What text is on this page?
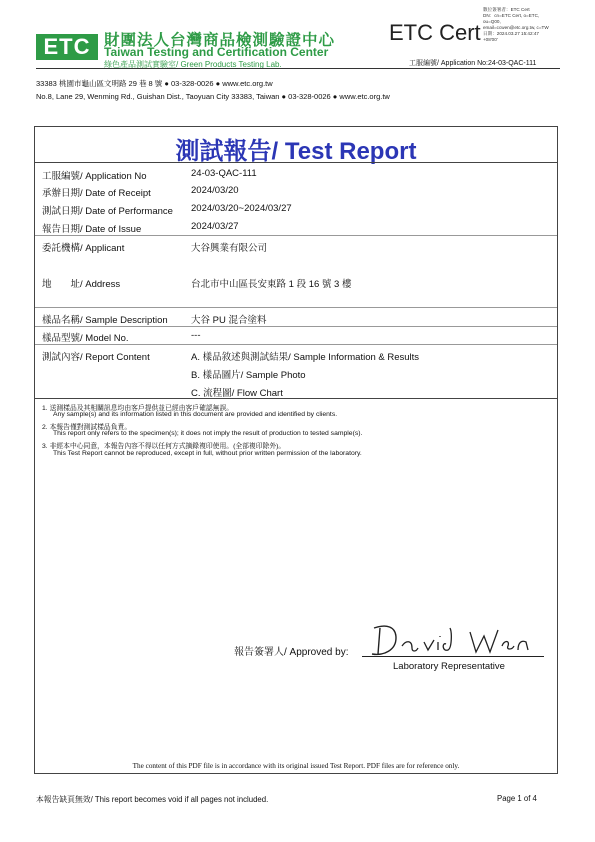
ETC 財團法人台灣商品檢測驗證中心
Taiwan Testing and Certification Center
綠色產品測試實驗室/ Green Products Testing Lab.
ETC Cert
數位簽署者：ETC Cert
DN：cn=ETC Cert, o=ETC,
ou=Q00,
email=ccwen@etc.org.tw, c=TW
日期：2024.03.27 15:42:47
+08'00'
工服編號/ Application No:24-03-QAC-111
33383 桃園市龜山區文明路 29 巷 8 號 ● 03-328-0026 ● www.etc.org.tw
No.8, Lane 29, Wenming Rd., Guishan Dist., Taoyuan City 33383, Taiwan ● 03-328-0026 ● www.etc.org.tw
測試報告/ Test Report
工服編號/ Application No	24-03-QAC-111
承辦日期/ Date of Receipt	2024/03/20
測試日期/ Date of Performance 2024/03/20~2024/03/27
報告日期/ Date of Issue	2024/03/27
委託機構/ Applicant	大谷興業有限公司
地　　址/ Address	台北市中山區長安東路 1 段 16 號 3 樓
樣品名稱/ Sample Description 大谷 PU 混合塗料
樣品型號/ Model No.	---
測試內容/ Report Content	A. 樣品敘述與測試結果/ Sample Information & Results
B. 樣品圖片/ Sample Photo
C. 流程圖/ Flow Chart
1. 送測樣品及其相關訊息均由客戶提供並已經由客戶確認無誤。
Any sample(s) and its information listed in this document are provided and identified by clients.
2. 本報告僅對測試樣品負責。
This report only refers to the specimen(s); it does not imply the result of production to tested sample(s).
3. 非經本中心同意，本報告內容不得以任何方式摘錄複印使用。(全部複印除外)。
This Test Report cannot be reproduced, except in full, without prior written permission of the laboratory.
報告簽署人/ Approved by:
Laboratory Representative
The content of this PDF file is in accordance with its original issued Test Report. PDF files are for reference only.
本報告缺頁無效/ This report becomes void if all pages not included.	Page 1 of 4
